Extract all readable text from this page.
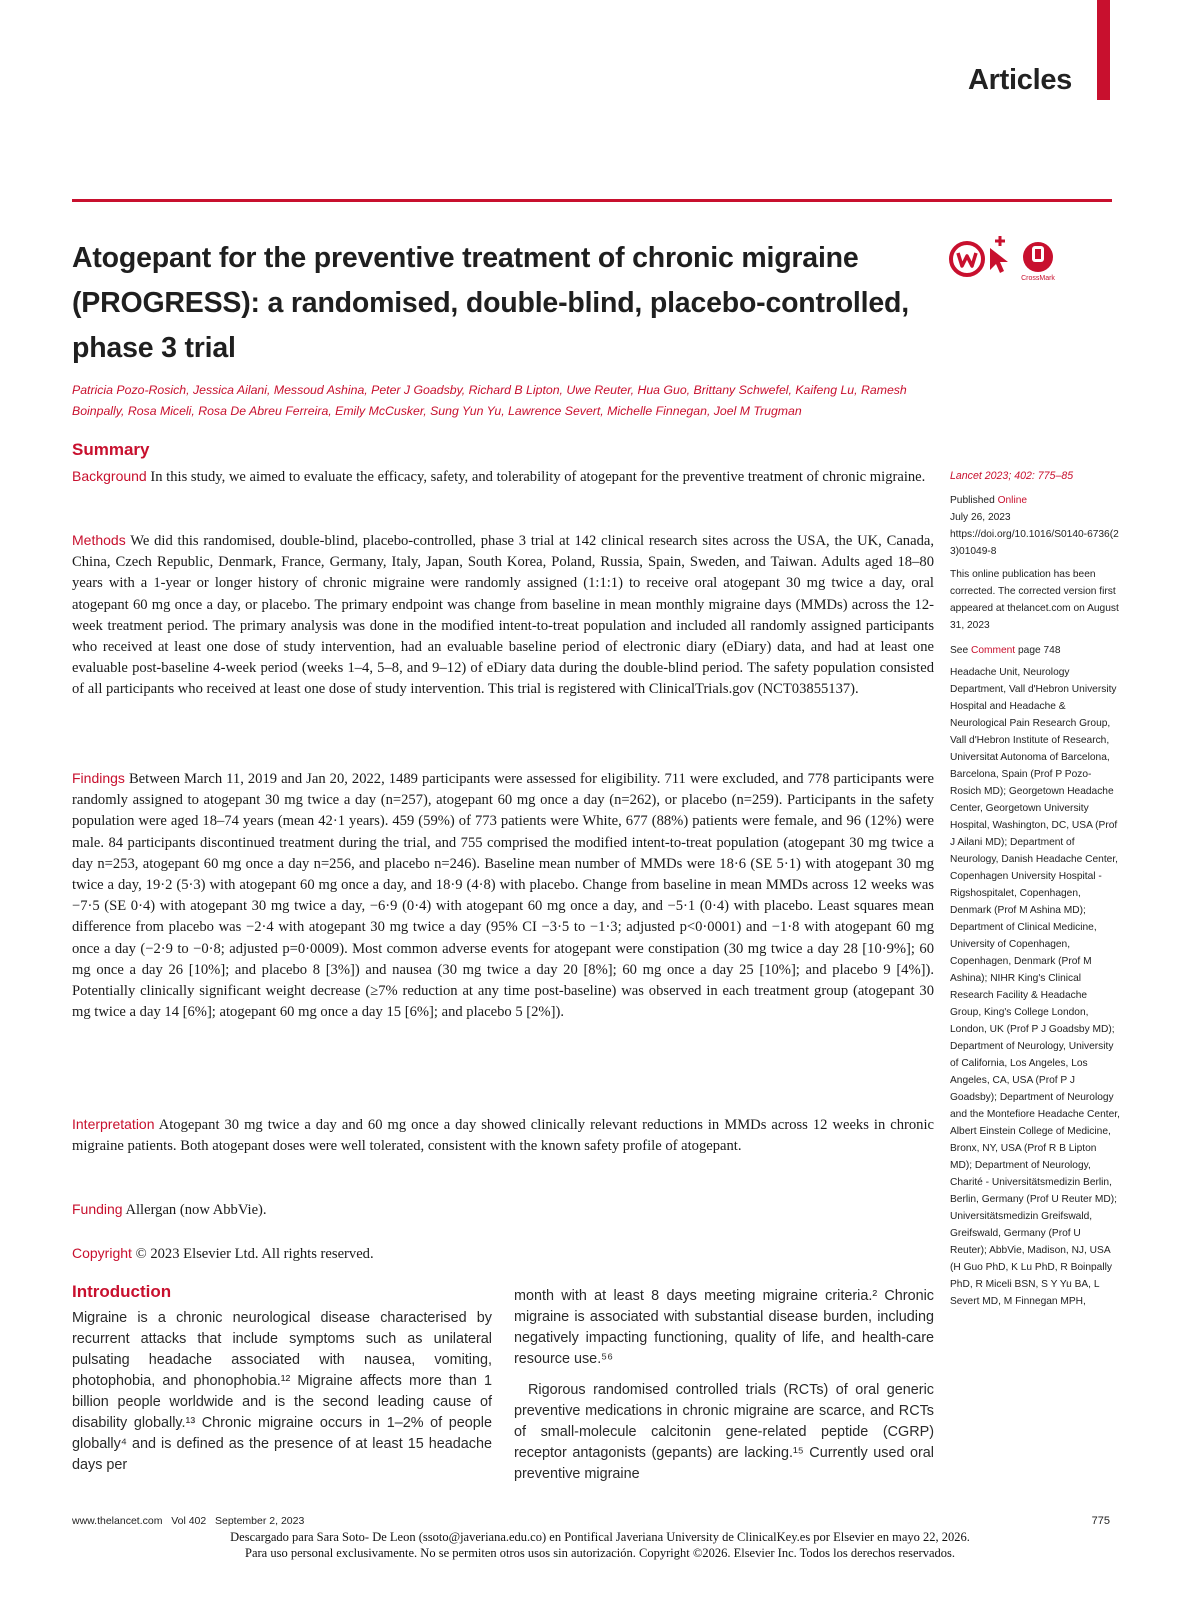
Articles
Atogepant for the preventive treatment of chronic migraine (PROGRESS): a randomised, double-blind, placebo-controlled, phase 3 trial
CrossMark

Patricia Pozo-Rosich, Jessica Ailani, Messoud Ashina, Peter J Goadsby, Richard B Lipton, Uwe Reuter, Hua Guo, Brittany Schwefel, Kaifeng Lu, Ramesh Boinpally, Rosa Miceli, Rosa De Abreu Ferreira, Emily McCusker, Sung Yun Yu, Lawrence Severt, Michelle Finnegan, Joel M Trugman

Summary

Background In this study, we aimed to evaluate the efficacy, safety, and tolerability of atogepant for the preventive treatment of chronic migraine.

Methods We did this randomised, double-blind, placebo-controlled, phase 3 trial at 142 clinical research sites across the USA, the UK, Canada, China, Czech Republic, Denmark, France, Germany, Italy, Japan, South Korea, Poland, Russia, Spain, Sweden, and Taiwan. Adults aged 18–80 years with a 1-year or longer history of chronic migraine were randomly assigned (1:1:1) to receive oral atogepant 30 mg twice a day, oral atogepant 60 mg once a day, or placebo. The primary endpoint was change from baseline in mean monthly migraine days (MMDs) across the 12-week treatment period. The primary analysis was done in the modified intent-to-treat population and included all randomly assigned participants who received at least one dose of study intervention, had an evaluable baseline period of electronic diary (eDiary) data, and had at least one evaluable post-baseline 4-week period (weeks 1–4, 5–8, and 9–12) of eDiary data during the double-blind period. The safety population consisted of all participants who received at least one dose of study intervention. This trial is registered with ClinicalTrials.gov (NCT03855137).

Findings Between March 11, 2019 and Jan 20, 2022, 1489 participants were assessed for eligibility. 711 were excluded, and 778 participants were randomly assigned to atogepant 30 mg twice a day (n=257), atogepant 60 mg once a day (n=262), or placebo (n=259). Participants in the safety population were aged 18–74 years (mean 42·1 years). 459 (59%) of 773 patients were White, 677 (88%) patients were female, and 96 (12%) were male. 84 participants discontinued treatment during the trial, and 755 comprised the modified intent-to-treat population (atogepant 30 mg twice a day n=253, atogepant 60 mg once a day n=256, and placebo n=246). Baseline mean number of MMDs were 18·6 (SE 5·1) with atogepant 30 mg twice a day, 19·2 (5·3) with atogepant 60 mg once a day, and 18·9 (4·8) with placebo. Change from baseline in mean MMDs across 12 weeks was −7·5 (SE 0·4) with atogepant 30 mg twice a day, −6·9 (0·4) with atogepant 60 mg once a day, and −5·1 (0·4) with placebo. Least squares mean difference from placebo was −2·4 with atogepant 30 mg twice a day (95% CI −3·5 to −1·3; adjusted p<0·0001) and −1·8 with atogepant 60 mg once a day (−2·9 to −0·8; adjusted p=0·0009). Most common adverse events for atogepant were constipation (30 mg twice a day 28 [10·9%]; 60 mg once a day 26 [10%]; and placebo 8 [3%]) and nausea (30 mg twice a day 20 [8%]; 60 mg once a day 25 [10%]; and placebo 9 [4%]). Potentially clinically significant weight decrease (≥7% reduction at any time post-baseline) was observed in each treatment group (atogepant 30 mg twice a day 14 [6%]; atogepant 60 mg once a day 15 [6%]; and placebo 5 [2%]).

Interpretation Atogepant 30 mg twice a day and 60 mg once a day showed clinically relevant reductions in MMDs across 12 weeks in chronic migraine patients. Both atogepant doses were well tolerated, consistent with the known safety profile of atogepant.

Funding Allergan (now AbbVie).

Copyright © 2023 Elsevier Ltd. All rights reserved.

Lancet 2023; 402: 775–85
Published Online
July 26, 2023
https://doi.org/10.1016/S0140-6736(23)01049-8
This online publication has been corrected. The corrected version first appeared at thelancet.com on August 31, 2023
See Comment page 748
Headache Unit, Neurology Department, Vall d'Hebron University Hospital and Headache & Neurological Pain Research Group, Vall d'Hebron Institute of Research, Universitat Autonoma of Barcelona, Barcelona, Spain (Prof P Pozo-Rosich MD); Georgetown Headache Center, Georgetown University Hospital, Washington, DC, USA (Prof J Ailani MD); Department of Neurology, Danish Headache Center, Copenhagen University Hospital - Rigshospitalet, Copenhagen, Denmark (Prof M Ashina MD); Department of Clinical Medicine, University of Copenhagen, Copenhagen, Denmark (Prof M Ashina); NIHR King's Clinical Research Facility & Headache Group, King's College London, London, UK (Prof P J Goadsby MD); Department of Neurology, University of California, Los Angeles, Los Angeles, CA, USA (Prof P J Goadsby); Department of Neurology and the Montefiore Headache Center, Albert Einstein College of Medicine, Bronx, NY, USA (Prof R B Lipton MD); Department of Neurology, Charité - Universitätsmedizin Berlin, Berlin, Germany (Prof U Reuter MD); Universitätsmedizin Greifswald, Greifswald, Germany (Prof U Reuter); AbbVie, Madison, NJ, USA (H Guo PhD, K Lu PhD, R Boinpally PhD, R Miceli BSN, S Y Yu BA, L Severt MD, M Finnegan MPH,
Introduction

Migraine is a chronic neurological disease characterised by recurrent attacks that include symptoms such as unilateral pulsating headache associated with nausea, vomiting, photophobia, and phonophobia.¹² Migraine affects more than 1 billion people worldwide and is the second leading cause of disability globally.¹³ Chronic migraine occurs in 1–2% of people globally⁴ and is defined as the presence of at least 15 headache days per

month with at least 8 days meeting migraine criteria.² Chronic migraine is associated with substantial disease burden, including negatively impacting functioning, quality of life, and health-care resource use.⁵⁶

Rigorous randomised controlled trials (RCTs) of oral generic preventive medications in chronic migraine are scarce, and RCTs of small-molecule calcitonin gene-related peptide (CGRP) receptor antagonists (gepants) are lacking.¹⁵ Currently used oral preventive migraine

www.thelancet.com   Vol 402   September 2, 2023	775
Descargado para Sara Soto- De Leon (ssoto@javeriana.edu.co) en Pontifical Javeriana University de ClinicalKey.es por Elsevier en mayo 22, 2026.
Para uso personal exclusivamente. No se permiten otros usos sin autorización. Copyright ©2026. Elsevier Inc. Todos los derechos reservados.
